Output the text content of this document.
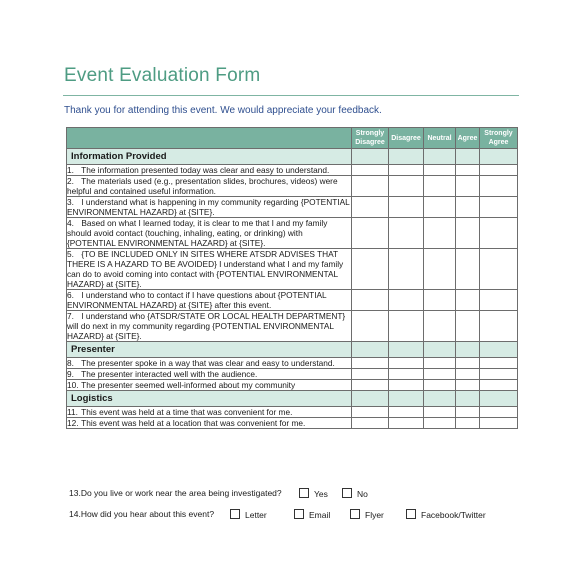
Event Evaluation Form
Thank you for attending this event. We would appreciate your feedback.
	Strongly Disagree	Disagree	Neutral	Agree	Strongly Agree
Information Provided					
1. The information presented today was clear and easy to understand.					
2. The materials used (e.g., presentation slides, brochures, videos) were helpful and contained useful information.					
3. I understand what is happening in my community regarding {POTENTIAL ENVIRONMENTAL HAZARD} at {SITE}.					
4. Based on what I learned today, it is clear to me that I and my family should avoid contact (touching, inhaling, eating, or drinking) with {POTENTIAL ENVIRONMENTAL HAZARD} at {SITE}.					
5. {TO BE INCLUDED ONLY IN SITES WHERE ATSDR ADVISES THAT THERE IS A HAZARD TO BE AVOIDED} I understand what I and my family can do to avoid coming into contact with {POTENTIAL ENVIRONMENTAL HAZARD} at {SITE}.					
6. I understand who to contact if I have questions about {POTENTIAL ENVIRONMENTAL HAZARD} at {SITE} after this event.					
7. I understand who {ATSDR/STATE OR LOCAL HEALTH DEPARTMENT} will do next in my community regarding {POTENTIAL ENVIRONMENTAL HAZARD} at {SITE}.					
Presenter					
8. The presenter spoke in a way that was clear and easy to understand.					
9. The presenter interacted well with the audience.					
10. The presenter seemed well-informed about my community					
Logistics					
11. This event was held at a time that was convenient for me.					
12. This event was held at a location that was convenient for me.					
13.Do you live or work near the area being investigated?	Yes	No
14.How did you hear about this event?	Letter	Email	Flyer	Facebook/Twitter
